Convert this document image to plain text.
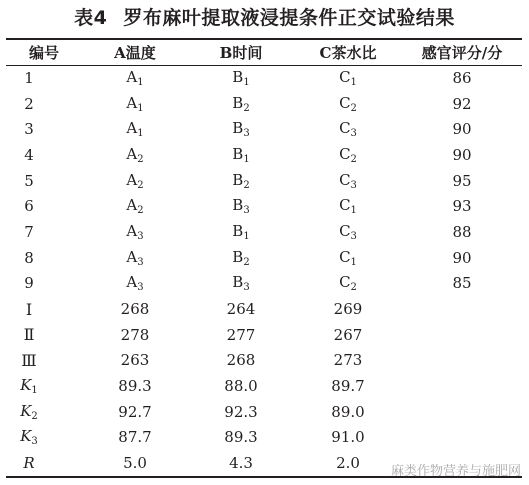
表4 罗布麻叶提取液浸提条件正交试验结果
编号	A温度	B时间	C茶水比	感官评分/分
1	$A_1$	$B_1$	$C_1$	86
2	$A_1$	$B_2$	$C_2$	92
3	$A_1$	$B_3$	$C_3$	90
4	$A_2$	$B_1$	$C_2$	90
5	$A_2$	$B_2$	$C_3$	95
6	$A_2$	$B_3$	$C_1$	93
7	$A_3$	$B_1$	$C_3$	88
8	$A_3$	$B_2$	$C_1$	90
9	$A_3$	$B_3$	$C_2$	85
Ⅰ	268	264	269	
Ⅱ	278	277	267	
Ⅲ	263	268	273	
$K_1$	89.3	88.0	89.7	
$K_2$	92.7	92.3	89.0	
$K_3$	87.7	89.3	91.0	
R	5.0	4.3	2.0	麻类作物营养与施肥网
